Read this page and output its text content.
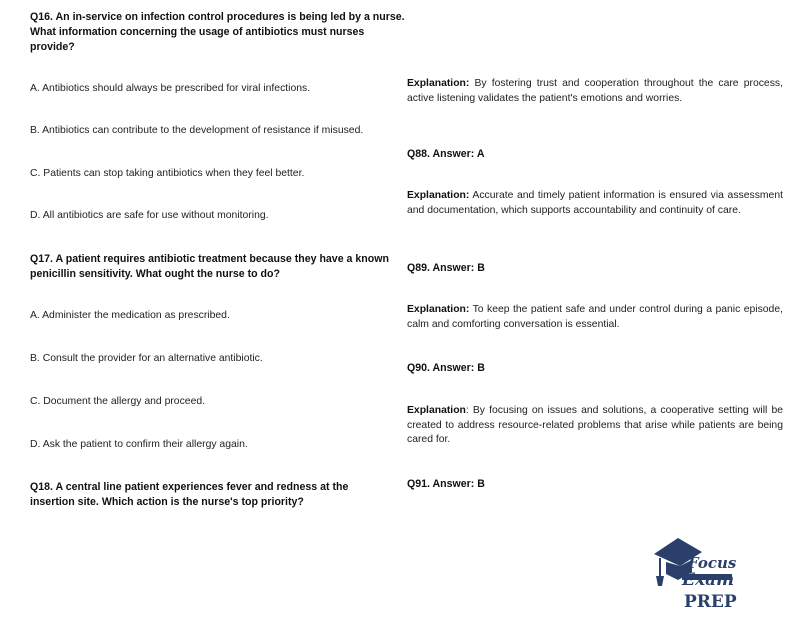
Q16. An in-service on infection control procedures is being led by a nurse. What information concerning the usage of antibiotics must nurses provide?
A. Antibiotics should always be prescribed for viral infections.
B. Antibiotics can contribute to the development of resistance if misused.
C. Patients can stop taking antibiotics when they feel better.
D. All antibiotics are safe for use without monitoring.
Q17. A patient requires antibiotic treatment because they have a known penicillin sensitivity. What ought the nurse to do?
A. Administer the medication as prescribed.
B. Consult the provider for an alternative antibiotic.
C. Document the allergy and proceed.
D. Ask the patient to confirm their allergy again.
Q18. A central line patient experiences fever and redness at the insertion site. Which action is the nurse's top priority?
Explanation: By fostering trust and cooperation throughout the care process, active listening validates the patient's emotions and worries.
Q88. Answer: A
Explanation: Accurate and timely patient information is ensured via assessment and documentation, which supports accountability and continuity of care.
Q89. Answer: B
Explanation: To keep the patient safe and under control during a panic episode, calm and comforting conversation is essential.
Q90. Answer: B
Explanation: By focusing on issues and solutions, a cooperative setting will be created to address resource-related problems that arise while patients are being cared for.
Q91. Answer: B
Focus
Exam
PREP
